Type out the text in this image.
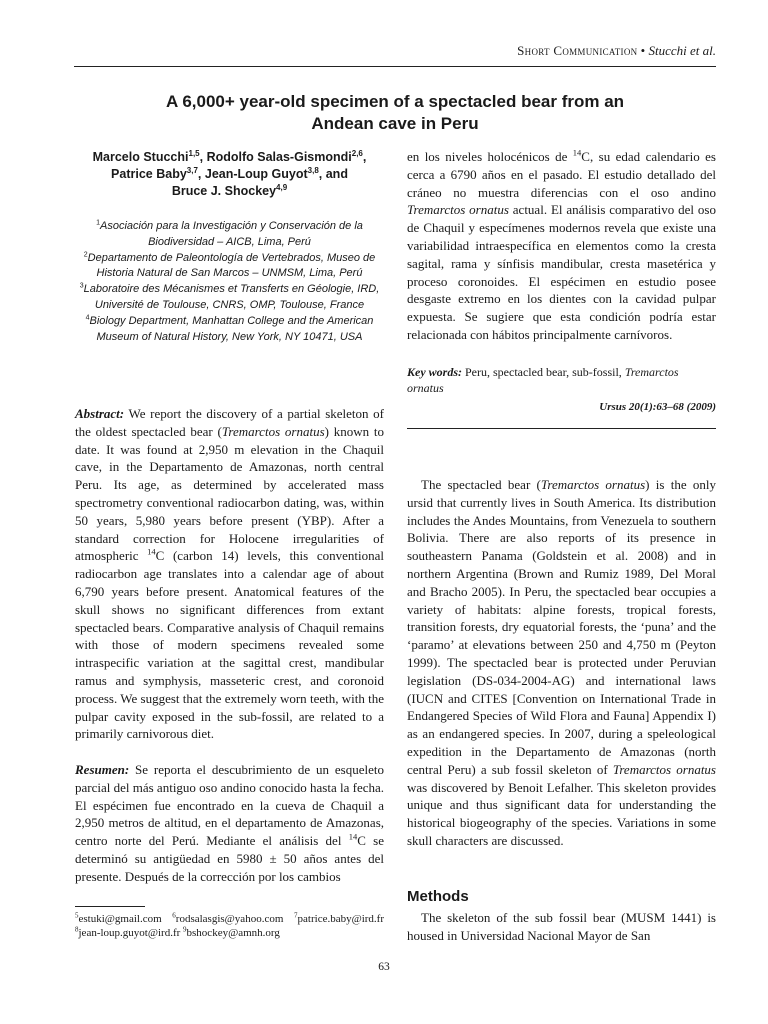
Short Communication • Stucchi et al.
A 6,000+ year-old specimen of a spectacled bear from an
Andean cave in Peru
Marcelo Stucchi$^{1,5}$, Rodolfo Salas-Gismondi$^{2,6}$,
Patrice Baby$^{3,7}$, Jean-Loup Guyot$^{3,8}$, and
Bruce J. Shockey$^{4,9}$

$^1$Asociación para la Investigación y Conservación de la Biodiversidad – AICB, Lima, Perú

$^2$Departamento de Paleontología de Vertebrados, Museo de Historia Natural de San Marcos – UNMSM, Lima, Perú

$^3$Laboratoire des Mécanismes et Transferts en Géologie, IRD, Université de Toulouse, CNRS, OMP, Toulouse, France

$^4$Biology Department, Manhattan College and the American Museum of Natural History, New York, NY 10471, USA

Abstract: We report the discovery of a partial skeleton of the oldest spectacled bear (Tremarctos ornatus) known to date. It was found at 2,950 m elevation in the Chaquil cave, in the Departamento de Amazonas, north central Peru. Its age, as determined by accelerated mass spectrometry conventional radiocarbon dating, was, within 50 years, 5,980 years before present (YBP). After a standard correction for Holocene irregularities of atmospheric $^{14}$C (carbon 14) levels, this conventional radiocarbon age translates into a calendar age of about 6,790 years before present. Anatomical features of the skull shows no significant differences from extant spectacled bears. Comparative analysis of Chaquil remains with those of modern specimens revealed some intraspecific variation at the sagittal crest, mandibular ramus and symphysis, masseteric crest, and coronoid process. We suggest that the extremely worn teeth, with the pulpar cavity exposed in the sub-fossil, are related to a primarily carnivorous diet.

Resumen: Se reporta el descubrimiento de un esqueleto parcial del más antiguo oso andino conocido hasta la fecha. El espécimen fue encontrado en la cueva de Chaquil a 2,950 metros de altitud, en el departamento de Amazonas, centro norte del Perú. Mediante el análisis del $^{14}$C se determinó su antigüedad en 5980 ± 50 años antes del presente. Después de la corrección por los cambios

$^5$estuki@gmail.com $^6$rodsalasgis@yahoo.com $^7$patrice.baby@ird.fr $^8$jean-loup.guyot@ird.fr $^9$bshockey@amnh.org

en los niveles holocénicos de $^{14}$C, su edad calendario es cerca a 6790 años en el pasado. El estudio detallado del cráneo no muestra diferencias con el oso andino Tremarctos ornatus actual. El análisis comparativo del oso de Chaquil y especímenes modernos revela que existe una variabilidad intraespecífica en elementos como la cresta sagital, rama y sínfisis mandibular, cresta masetérica y proceso coronoides. El espécimen en estudio posee desgaste extremo en los dientes con la cavidad pulpar expuesta. Se sugiere que esta condición podría estar relacionada con hábitos principalmente carnívoros.

Key words: Peru, spectacled bear, sub-fossil, Tremarctos ornatus

Ursus 20(1):63–68 (2009)

The spectacled bear (Tremarctos ornatus) is the only ursid that currently lives in South America. Its distribution includes the Andes Mountains, from Venezuela to southern Bolivia. There are also reports of its presence in southeastern Panama (Goldstein et al. 2008) and in northern Argentina (Brown and Rumiz 1989, Del Moral and Bracho 2005). In Peru, the spectacled bear occupies a variety of habitats: alpine forests, tropical forests, transition forests, dry equatorial forests, the ‘puna’ and the ‘paramo’ at elevations between 250 and 4,750 m (Peyton 1999). The spectacled bear is protected under Peruvian legislation (DS-034-2004-AG) and international laws (IUCN and CITES [Convention on International Trade in Endangered Species of Wild Flora and Fauna] Appendix I) as an endangered species. In 2007, during a speleological expedition in the Departamento de Amazonas (north central Peru) a sub fossil skeleton of Tremarctos ornatus was discovered by Benoit Lefalher. This skeleton provides unique and thus significant data for understanding the historical biogeography of the species. Variations in some skull characters are discussed.

Methods

The skeleton of the sub fossil bear (MUSM 1441) is housed in Universidad Nacional Mayor de San

63
